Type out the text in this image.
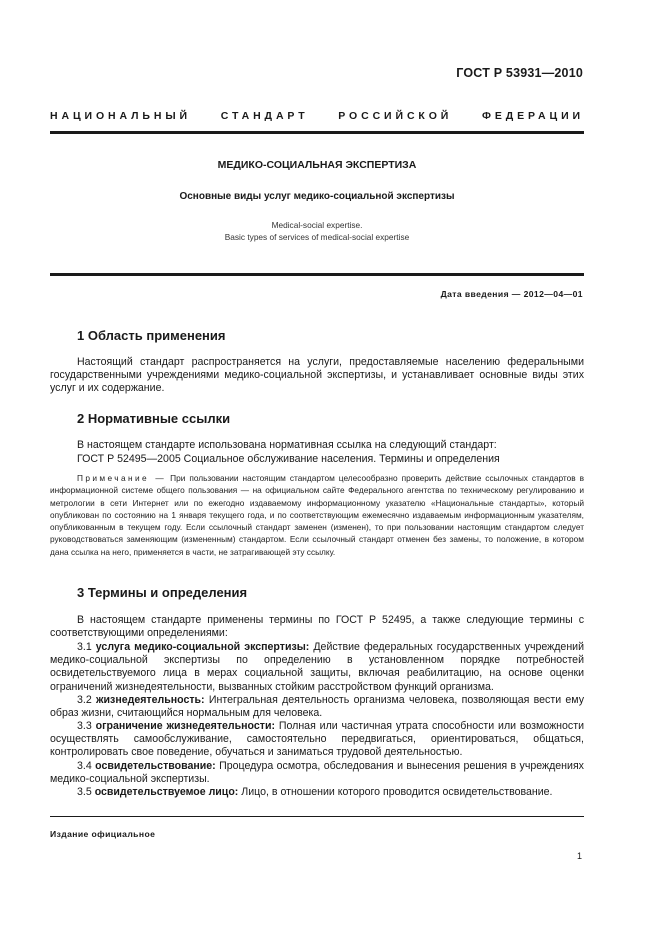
ГОСТ Р 53931—2010
НАЦИОНАЛЬНЫЙ СТАНДАРТ РОССИЙСКОЙ ФЕДЕРАЦИИ
МЕДИКО-СОЦИАЛЬНАЯ ЭКСПЕРТИЗА
Основные виды услуг медико-социальной экспертизы
Medical-social expertise.
Basic types of services of medical-social expertise
Дата введения — 2012—04—01
1 Область применения
Настоящий стандарт распространяется на услуги, предоставляемые населению федеральными государственными учреждениями медико-социальной экспертизы, и устанавливает основные виды этих услуг и их содержание.
2 Нормативные ссылки
В настоящем стандарте использована нормативная ссылка на следующий стандарт:
ГОСТ Р 52495—2005 Социальное обслуживание населения. Термины и определения
Примечание — При пользовании настоящим стандартом целесообразно проверить действие ссылочных стандартов в информационной системе общего пользования — на официальном сайте Федерального агентства по техническому регулированию и метрологии в сети Интернет или по ежегодно издаваемому информационному указателю «Национальные стандарты», который опубликован по состоянию на 1 января текущего года, и по соответствующим ежемесячно издаваемым информационным указателям, опубликованным в текущем году. Если ссылочный стандарт заменен (изменен), то при пользовании настоящим стандартом следует руководствоваться заменяющим (измененным) стандартом. Если ссылочный стандарт отменен без замены, то положение, в котором дана ссылка на него, применяется в части, не затрагивающей эту ссылку.
3 Термины и определения
В настоящем стандарте применены термины по ГОСТ Р 52495, а также следующие термины с соответствующими определениями:
3.1 услуга медико-социальной экспертизы: Действие федеральных государственных учреждений медико-социальной экспертизы по определению в установленном порядке потребностей освидетельствуемого лица в мерах социальной защиты, включая реабилитацию, на основе оценки ограничений жизнедеятельности, вызванных стойким расстройством функций организма.
3.2 жизнедеятельность: Интегральная деятельность организма человека, позволяющая вести ему образ жизни, считающийся нормальным для человека.
3.3 ограничение жизнедеятельности: Полная или частичная утрата способности или возможности осуществлять самообслуживание, самостоятельно передвигаться, ориентироваться, общаться, контролировать свое поведение, обучаться и заниматься трудовой деятельностью.
3.4 освидетельствование: Процедура осмотра, обследования и вынесения решения в учреждениях медико-социальной экспертизы.
3.5 освидетельствуемое лицо: Лицо, в отношении которого проводится освидетельствование.
Издание официальное
1
